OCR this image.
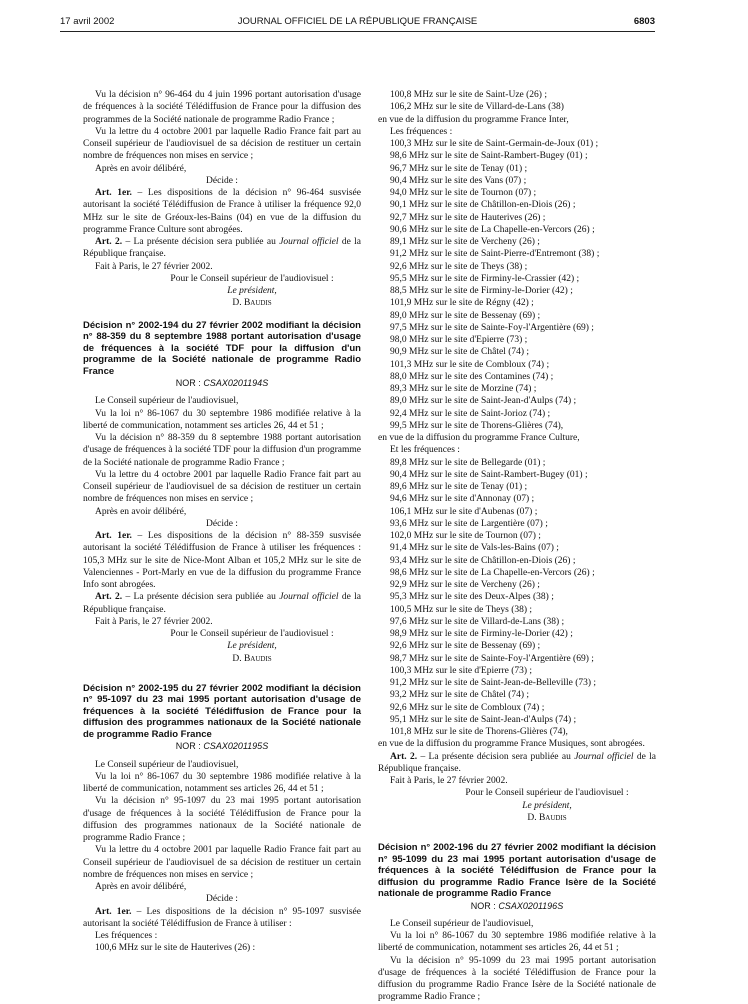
17 avril 2002	JOURNAL OFFICIEL DE LA RÉPUBLIQUE FRANÇAISE	6803

Vu la décision n° 96-464 du 4 juin 1996 portant autorisation d'usage de fréquences à la société Télédiffusion de France pour la diffusion des programmes de la Société nationale de programme Radio France ;

Vu la lettre du 4 octobre 2001 par laquelle Radio France fait part au Conseil supérieur de l'audiovisuel de sa décision de restituer un certain nombre de fréquences non mises en service ;

Après en avoir délibéré,

Décide :

Art. 1er. – Les dispositions de la décision n° 96-464 susvisée autorisant la société Télédiffusion de France à utiliser la fréquence 92,0 MHz sur le site de Gréoux-les-Bains (04) en vue de la diffusion du programme France Culture sont abrogées.

Art. 2. – La présente décision sera publiée au Journal officiel de la République française.

Fait à Paris, le 27 février 2002.

Pour le Conseil supérieur de l'audiovisuel :

Le président,

D. Baudis

Décision n° 2002-194 du 27 février 2002 modifiant la décision n° 88-359 du 8 septembre 1988 portant autorisation d'usage de fréquences à la société TDF pour la diffusion d'un programme de la Société nationale de programme Radio France

NOR : CSAX0201194S

Le Conseil supérieur de l'audiovisuel,

Vu la loi n° 86-1067 du 30 septembre 1986 modifiée relative à la liberté de communication, notamment ses articles 26, 44 et 51 ;

Vu la décision n° 88-359 du 8 septembre 1988 portant autorisation d'usage de fréquences à la société TDF pour la diffusion d'un programme de la Société nationale de programme Radio France ;

Vu la lettre du 4 octobre 2001 par laquelle Radio France fait part au Conseil supérieur de l'audiovisuel de sa décision de restituer un certain nombre de fréquences non mises en service ;

Après en avoir délibéré,

Décide :

Art. 1er. – Les dispositions de la décision n° 88-359 susvisée autorisant la société Télédiffusion de France à utiliser les fréquences : 105,3 MHz sur le site de Nice-Mont Alban et 105,2 MHz sur le site de Valenciennes - Port-Marly en vue de la diffusion du programme France Info sont abrogées.

Art. 2. – La présente décision sera publiée au Journal officiel de la République française.

Fait à Paris, le 27 février 2002.

Pour le Conseil supérieur de l'audiovisuel :

Le président,

D. Baudis

Décision n° 2002-195 du 27 février 2002 modifiant la décision n° 95-1097 du 23 mai 1995 portant autorisation d'usage de fréquences à la société Télédiffusion de France pour la diffusion des programmes nationaux de la Société nationale de programme Radio France

NOR : CSAX0201195S

Le Conseil supérieur de l'audiovisuel,

Vu la loi n° 86-1067 du 30 septembre 1986 modifiée relative à la liberté de communication, notamment ses articles 26, 44 et 51 ;

Vu la décision n° 95-1097 du 23 mai 1995 portant autorisation d'usage de fréquences à la société Télédiffusion de France pour la diffusion des programmes nationaux de la Société nationale de programme Radio France ;

Vu la lettre du 4 octobre 2001 par laquelle Radio France fait part au Conseil supérieur de l'audiovisuel de sa décision de restituer un certain nombre de fréquences non mises en service ;

Après en avoir délibéré,

Décide :

Art. 1er. – Les dispositions de la décision n° 95-1097 susvisée autorisant la société Télédiffusion de France à utiliser :

Les fréquences :

100,6 MHz sur le site de Hauterives (26) :

100,8 MHz sur le site de Saint-Uze (26) ;

106,2 MHz sur le site de Villard-de-Lans (38)

en vue de la diffusion du programme France Inter,

Les fréquences :

100,3 MHz sur le site de Saint-Germain-de-Joux (01) ;

98,6 MHz sur le site de Saint-Rambert-Bugey (01) ;

96,7 MHz sur le site de Tenay (01) ;

90,4 MHz sur le site des Vans (07) ;

94,0 MHz sur le site de Tournon (07) ;

90,1 MHz sur le site de Châtillon-en-Diois (26) ;

92,7 MHz sur le site de Hauterives (26) ;

90,6 MHz sur le site de La Chapelle-en-Vercors (26) ;

89,1 MHz sur le site de Vercheny (26) ;

91,2 MHz sur le site de Saint-Pierre-d'Entremont (38) ;

92,6 MHz sur le site de Theys (38) ;

95,5 MHz sur le site de Firminy-le-Crassier (42) ;

88,5 MHz sur le site de Firminy-le-Dorier (42) ;

101,9 MHz sur le site de Régny (42) ;

89,0 MHz sur le site de Bessenay (69) ;

97,5 MHz sur le site de Sainte-Foy-l'Argentière (69) ;

98,0 MHz sur le site d'Epierre (73) ;

90,9 MHz sur le site de Châtel (74) ;

101,3 MHz sur le site de Combloux (74) ;

88,0 MHz sur le site des Contamines (74) ;

89,3 MHz sur le site de Morzine (74) ;

89,0 MHz sur le site de Saint-Jean-d'Aulps (74) ;

92,4 MHz sur le site de Saint-Jorioz (74) ;

99,5 MHz sur le site de Thorens-Glières (74),

en vue de la diffusion du programme France Culture,

Et les fréquences :

89,8 MHz sur le site de Bellegarde (01) ;

90,4 MHz sur le site de Saint-Rambert-Bugey (01) ;

89,6 MHz sur le site de Tenay (01) ;

94,6 MHz sur le site d'Annonay (07) ;

106,1 MHz sur le site d'Aubenas (07) ;

93,6 MHz sur le site de Largentière (07) ;

102,0 MHz sur le site de Tournon (07) ;

91,4 MHz sur le site de Vals-les-Bains (07) ;

93,4 MHz sur le site de Châtillon-en-Diois (26) ;

98,6 MHz sur le site de La Chapelle-en-Vercors (26) ;

92,9 MHz sur le site de Vercheny (26) ;

95,3 MHz sur le site des Deux-Alpes (38) ;

100,5 MHz sur le site de Theys (38) ;

97,6 MHz sur le site de Villard-de-Lans (38) ;

98,9 MHz sur le site de Firminy-le-Dorier (42) ;

92,6 MHz sur le site de Bessenay (69) ;

98,7 MHz sur le site de Sainte-Foy-l'Argentière (69) ;

100,3 MHz sur le site d'Epierre (73) ;

91,2 MHz sur le site de Saint-Jean-de-Belleville (73) ;

93,2 MHz sur le site de Châtel (74) ;

92,6 MHz sur le site de Combloux (74) ;

95,1 MHz sur le site de Saint-Jean-d'Aulps (74) ;

101,8 MHz sur le site de Thorens-Glières (74),

en vue de la diffusion du programme France Musiques, sont abrogées.

Art. 2. – La présente décision sera publiée au Journal officiel de la République française.

Fait à Paris, le 27 février 2002.

Pour le Conseil supérieur de l'audiovisuel :

Le président,

D. Baudis

Décision n° 2002-196 du 27 février 2002 modifiant la décision n° 95-1099 du 23 mai 1995 portant autorisation d'usage de fréquences à la société Télédiffusion de France pour la diffusion du programme Radio France Isère de la Société nationale de programme Radio France

NOR : CSAX0201196S

Le Conseil supérieur de l'audiovisuel,

Vu la loi n° 86-1067 du 30 septembre 1986 modifiée relative à la liberté de communication, notamment ses articles 26, 44 et 51 ;

Vu la décision n° 95-1099 du 23 mai 1995 portant autorisation d'usage de fréquences à la société Télédiffusion de France pour la diffusion du programme Radio France Isère de la Société nationale de programme Radio France ;
